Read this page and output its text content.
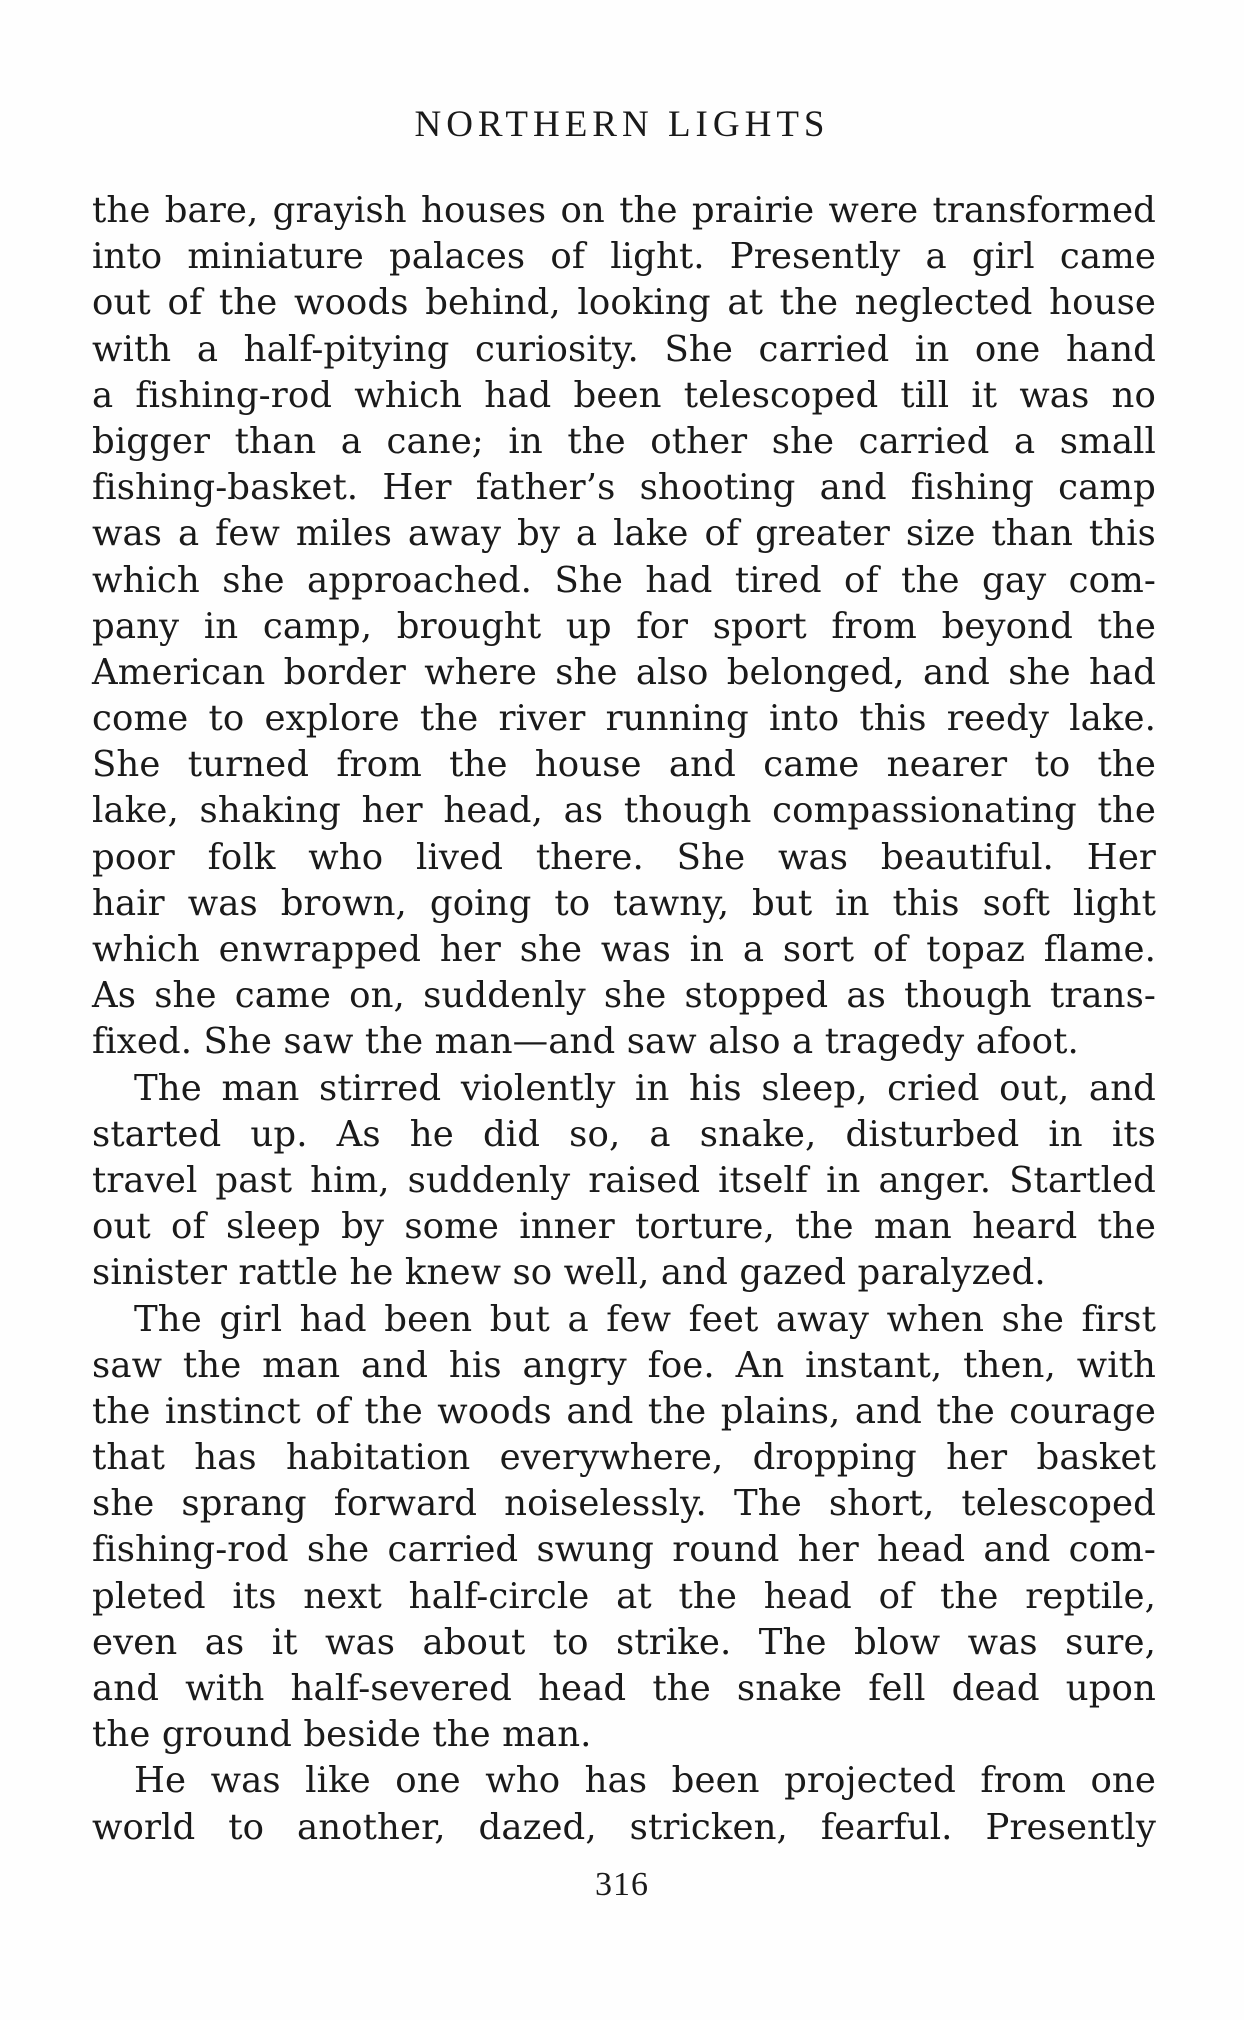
NORTHERN LIGHTS
the bare, grayish houses on the prairie were transformed
into miniature palaces of light. Presently a girl came
out of the woods behind, looking at the neglected house
with a half-pitying curiosity. She carried in one hand
a fishing-rod which had been telescoped till it was no
bigger than a cane; in the other she carried a small
fishing-basket. Her father’s shooting and fishing camp
was a few miles away by a lake of greater size than this
which she approached. She had tired of the gay com-
pany in camp, brought up for sport from beyond the
American border where she also belonged, and she had
come to explore the river running into this reedy lake.
She turned from the house and came nearer to the
lake, shaking her head, as though compassionating the
poor folk who lived there. She was beautiful. Her
hair was brown, going to tawny, but in this soft light
which enwrapped her she was in a sort of topaz flame.
As she came on, suddenly she stopped as though trans-
fixed. She saw the man—and saw also a tragedy afoot.
The man stirred violently in his sleep, cried out, and
started up. As he did so, a snake, disturbed in its
travel past him, suddenly raised itself in anger. Startled
out of sleep by some inner torture, the man heard the
sinister rattle he knew so well, and gazed paralyzed.
The girl had been but a few feet away when she first
saw the man and his angry foe. An instant, then, with
the instinct of the woods and the plains, and the courage
that has habitation everywhere, dropping her basket
she sprang forward noiselessly. The short, telescoped
fishing-rod she carried swung round her head and com-
pleted its next half-circle at the head of the reptile,
even as it was about to strike. The blow was sure,
and with half-severed head the snake fell dead upon
the ground beside the man.
He was like one who has been projected from one
world to another, dazed, stricken, fearful. Presently
316
